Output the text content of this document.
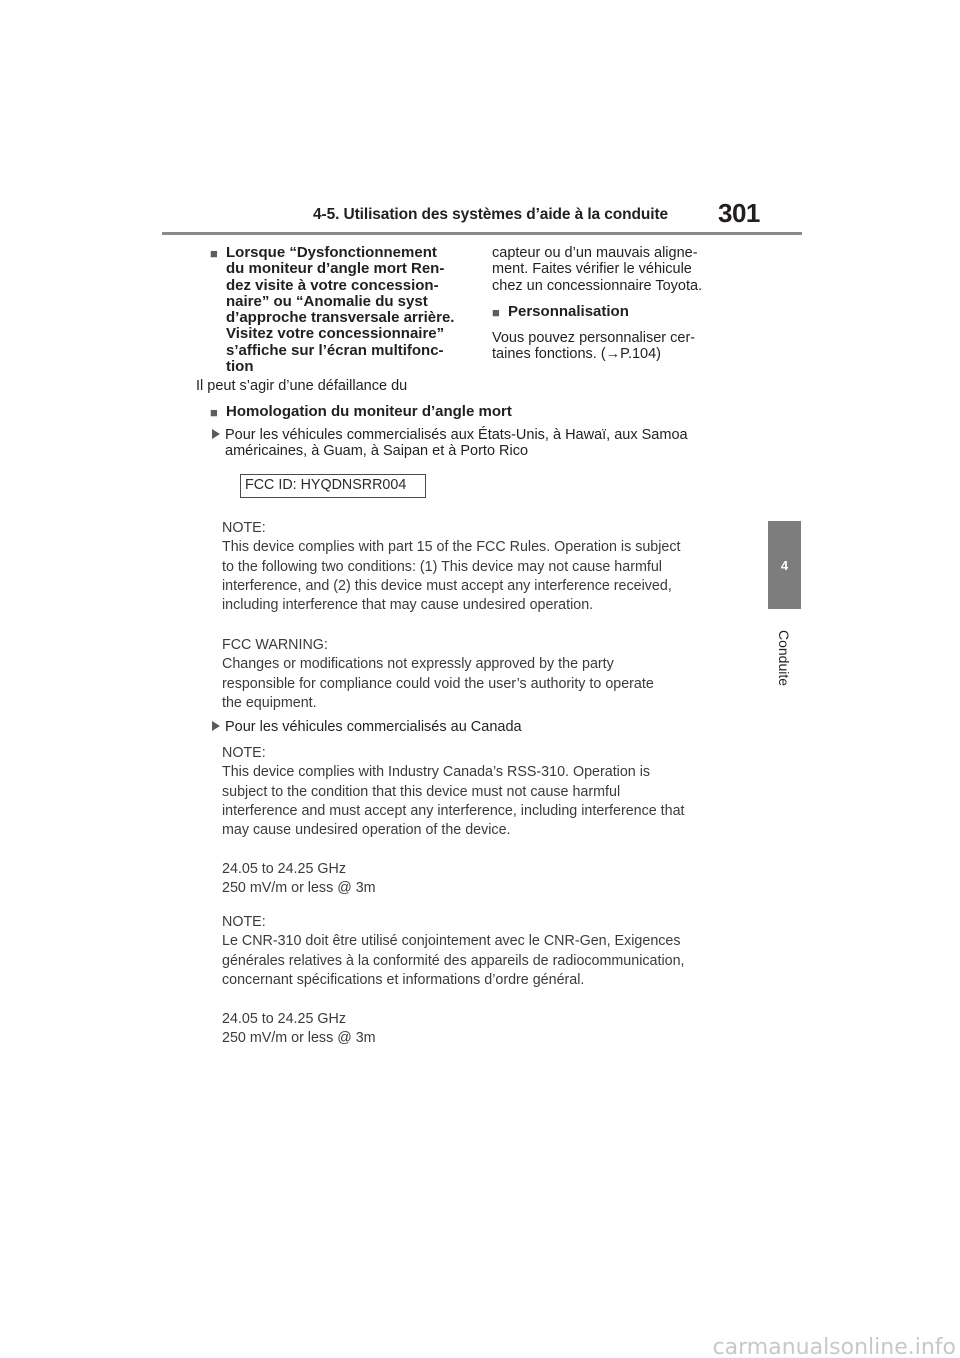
4-5. Utilisation des systèmes d’aide à la conduite 301
4
Conduite
■ Lorsque “Dysfonctionnement
du moniteur d’angle mort Ren-
dez visite à votre concession-
naire” ou “Anomalie du syst
d’approche transversale arrière.
Visitez votre concessionnaire”
s’affiche sur l’écran multifonc-
tion
Il peut s’agir d’une défaillance du
capteur ou d’un mauvais aligne-
ment. Faites vérifier le véhicule
chez un concessionnaire Toyota.
■ Personnalisation
Vous pouvez personnaliser cer-
taines fonctions. (→P.104)
■ Homologation du moniteur d’angle mort
Pour les véhicules commercialisés aux États-Unis, à Hawaï, aux Samoa
américaines, à Guam, à Saipan et à Porto Rico
FCC ID: HYQDNSRR004
NOTE:
This device complies with part 15 of the FCC Rules. Operation is subject
to the following two conditions: (1) This device may not cause harmful
interference, and (2) this device must accept any interference received,
including interference that may cause undesired operation.
FCC WARNING:
Changes or modifications not expressly approved by the party
responsible for compliance could void the user’s authority to operate
the equipment.
Pour les véhicules commercialisés au Canada
NOTE:
This device complies with Industry Canada’s RSS-310. Operation is
subject to the condition that this device must not cause harmful
interference and must accept any interference, including interference that
may cause undesired operation of the device.
24.05 to 24.25 GHz
250 mV/m or less @ 3m
NOTE:
Le CNR-310 doit être utilisé conjointement avec le CNR-Gen, Exigences
générales relatives à la conformité des appareils de radiocommunication,
concernant spécifications et informations d’ordre général.
24.05 to 24.25 GHz
250 mV/m or less @ 3m
carmanualsonline.info
